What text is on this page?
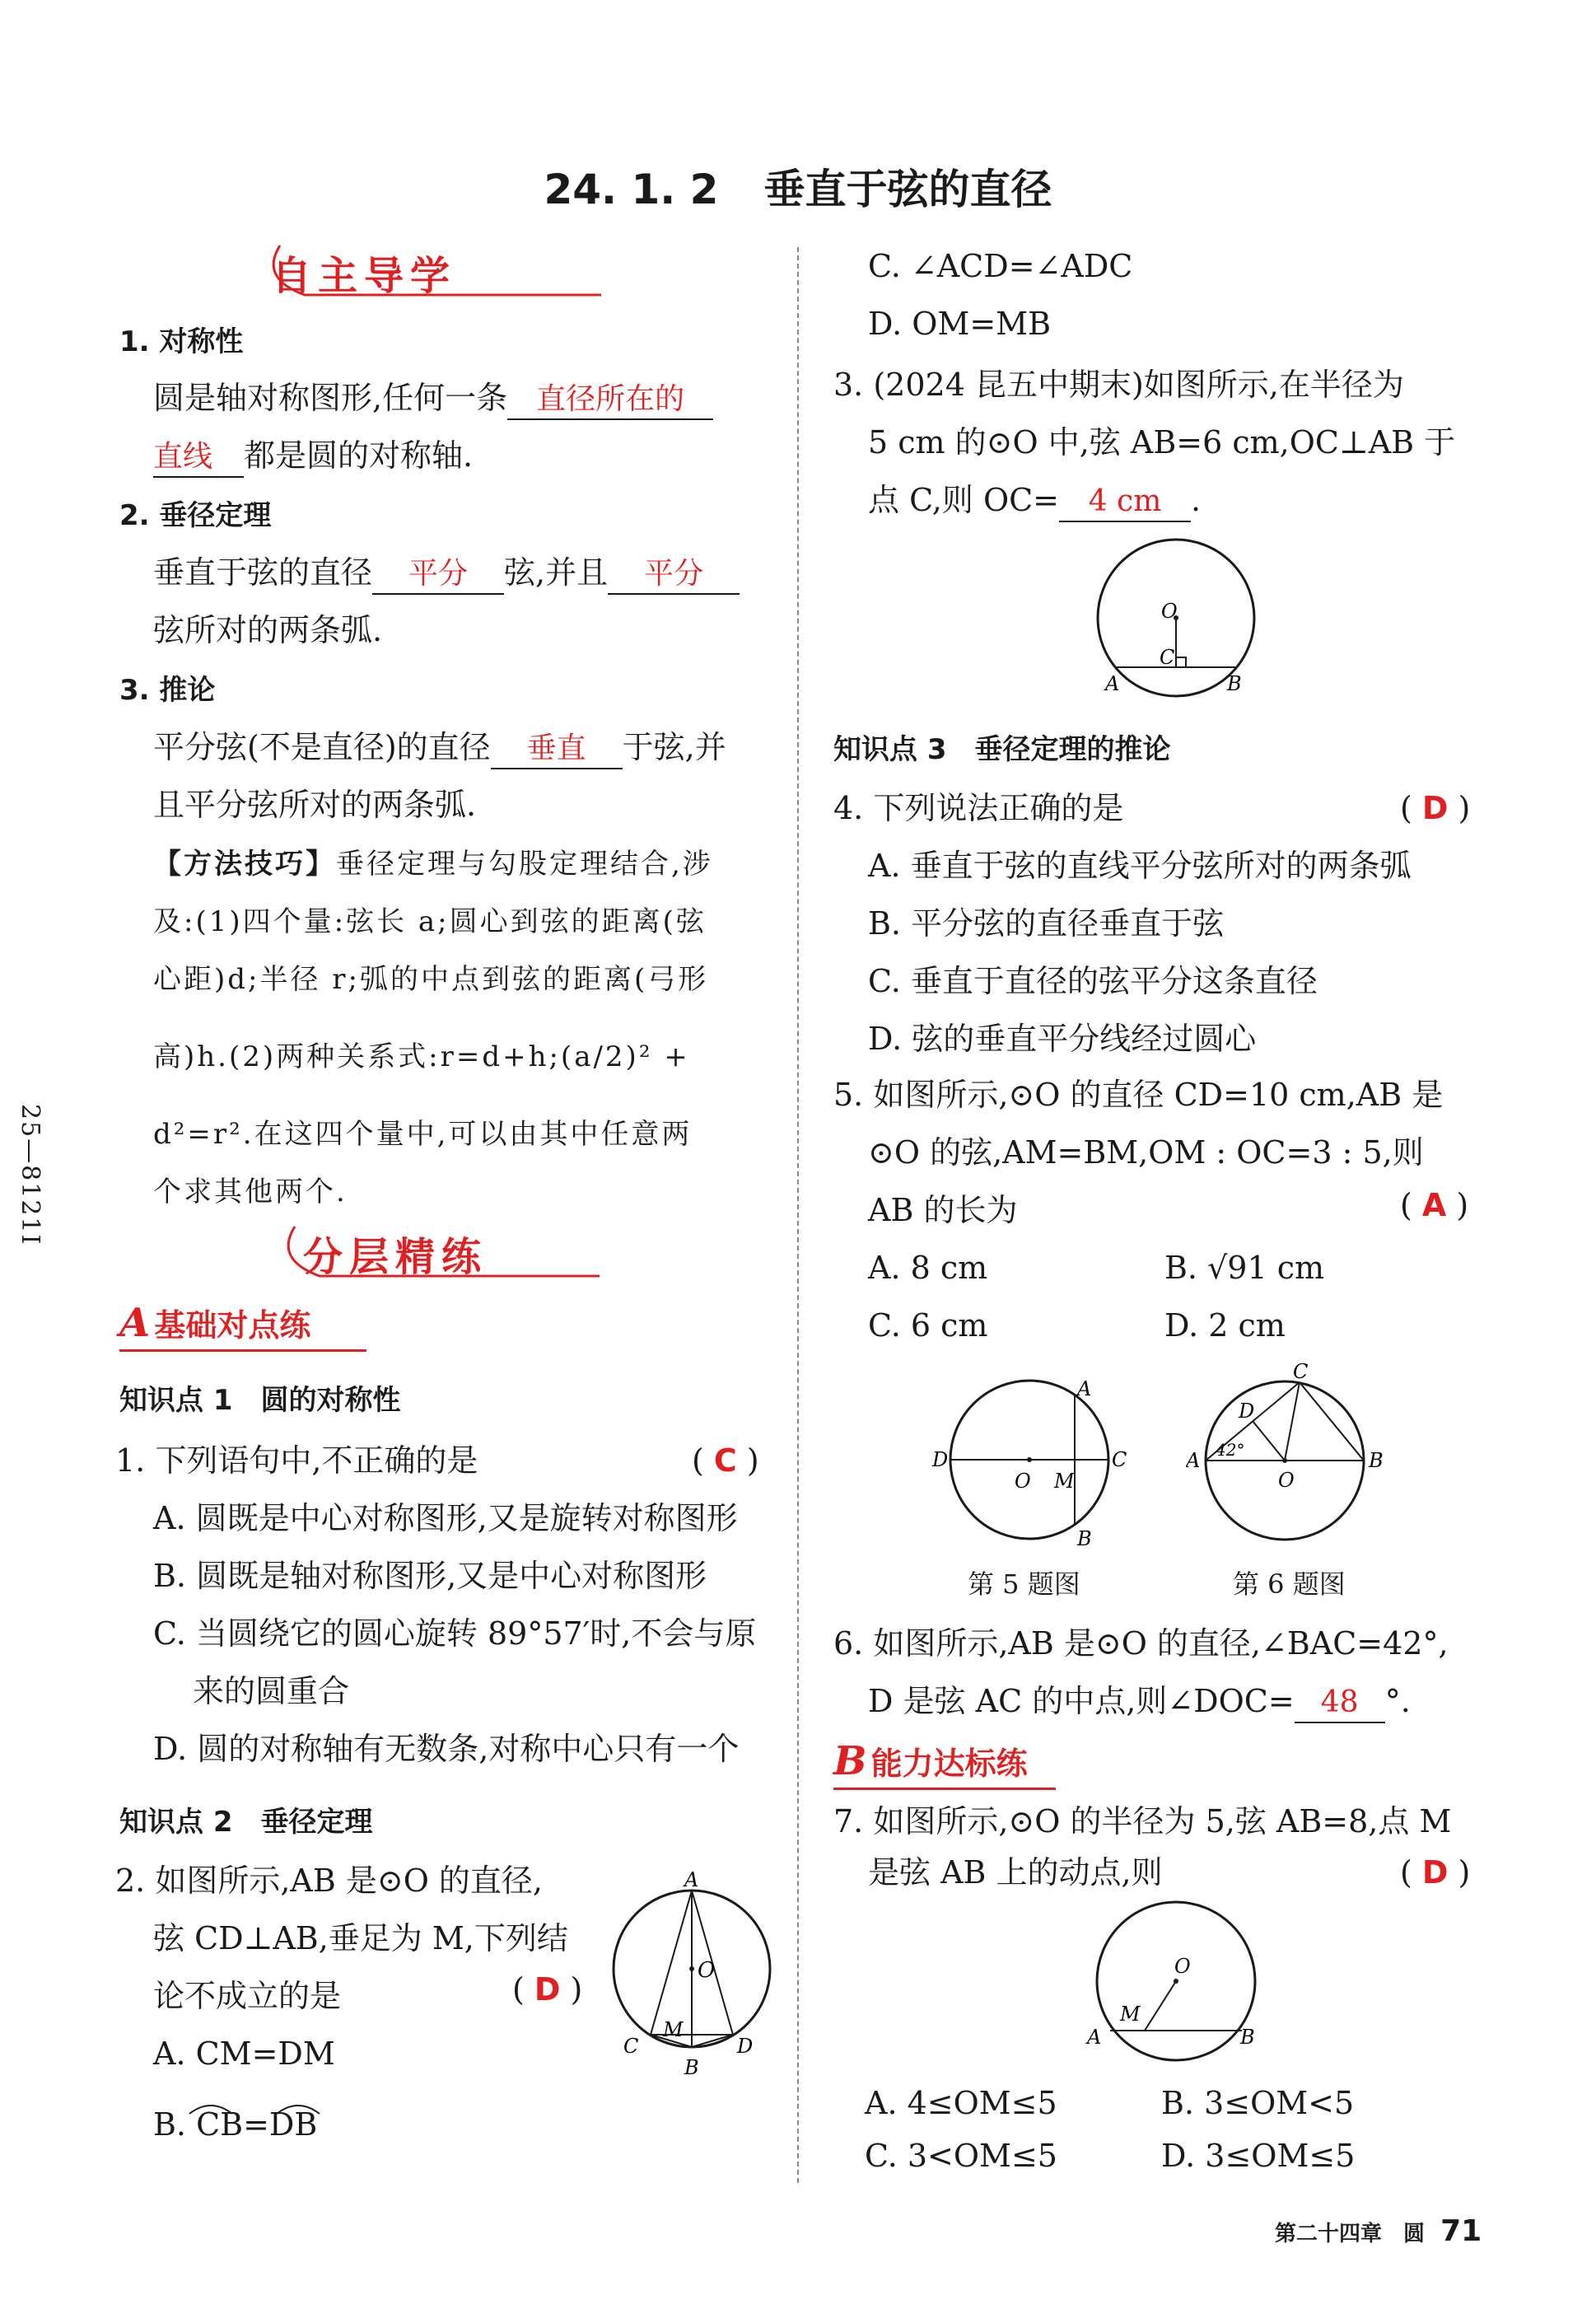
24. 1. 2 垂直于弦的直径
25—8121I
自主导学
1. 对称性
圆是轴对称图形,任何一条 直径所在的
直线 都是圆的对称轴.
2. 垂径定理
垂直于弦的直径 平分 弦,并且 平分
弦所对的两条弧.
3. 推论
平分弦(不是直径)的直径 垂直 于弦,并
且平分弦所对的两条弧.
【方法技巧】垂径定理与勾股定理结合,涉
及:(1)四个量:弦长 a;圆心到弦的距离(弦
心距)d;半径 r;弧的中点到弦的距离(弓形
高)h.(2)两种关系式:r=d+h;(a/2)² +
d²=r².在这四个量中,可以由其中任意两
个求其他两个.
分层精练
A 基础对点练
知识点 1　圆的对称性
1. 下列语句中,不正确的是	( C )
A. 圆既是中心对称图形,又是旋转对称图形
B. 圆既是轴对称图形,又是中心对称图形
C. 当圆绕它的圆心旋转 89°57′时,不会与原
来的圆重合
D. 圆的对称轴有无数条,对称中心只有一个
知识点 2　垂径定理
2. 如图所示,AB 是⊙O 的直径,
弦 CD⊥AB,垂足为 M,下列结
论不成立的是	( D )
A. CM=DM
B. CB=DB
A
O
M
C	D
B
C. ∠ACD=∠ADC
D. OM=MB
3. (2024 昆五中期末)如图所示,在半径为
5 cm 的⊙O 中,弦 AB=6 cm,OC⊥AB 于
点 C,则 OC= 4 cm .
O
C
A	B
知识点 3　垂径定理的推论
4. 下列说法正确的是	( D )
A. 垂直于弦的直线平分弦所对的两条弧
B. 平分弦的直径垂直于弦
C. 垂直于直径的弦平分这条直径
D. 弦的垂直平分线经过圆心
5. 如图所示,⊙O 的直径 CD=10 cm,AB 是
⊙O 的弦,AM=BM,OM : OC=3 : 5,则
AB 的长为	( A )
A. 8 cm	B. √91 cm
C. 6 cm	D. 2 cm
A
D	C
O M
B
第 5 题图
C
D
A	B
O
42°
第 6 题图
6. 如图所示,AB 是⊙O 的直径,∠BAC=42°,
D 是弦 AC 的中点,则∠DOC= 48 °.
B 能力达标练
7. 如图所示,⊙O 的半径为 5,弦 AB=8,点 M
是弦 AB 上的动点,则	( D )
O
M
A	B
A. 4≤OM≤5	B. 3≤OM<5
C. 3<OM≤5	D. 3≤OM≤5
第二十四章　圆 71
